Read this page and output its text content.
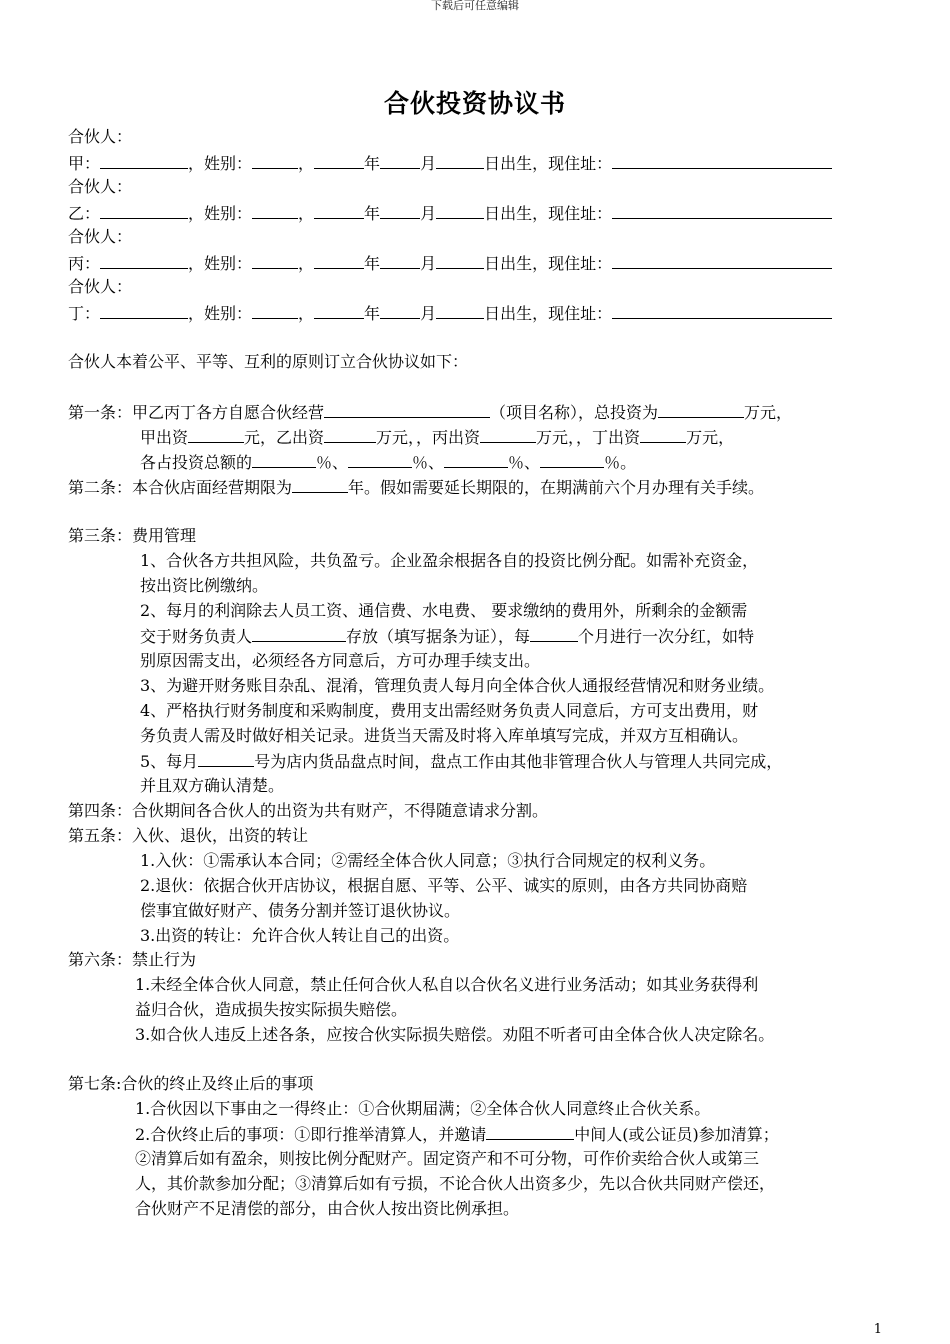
下载后可任意编辑
合伙投资协议书
合伙人：
甲：	，姓别：	，	年	月	日出生，现住址：
合伙人：
乙：	，姓别：	，	年	月	日出生，现住址：
合伙人：
丙：	，姓别：	，	年	月	日出生，现住址：
合伙人：
丁：	，姓别：	，	年	月	日出生，现住址：
合伙人本着公平、平等、互利的原则订立合伙协议如下：
第一条：甲乙丙丁各方自愿合伙经营	（项目名称），总投资为	万元，
甲出资	元，乙出资	万元，，丙出资	万元，，丁出资	万元，
各占投资总额的	％、	％、	％、	％。
第二条：本合伙店面经营期限为	年。假如需要延长期限的，在期满前六个月办理有关手续。
第三条：费用管理
1、合伙各方共担风险，共负盈亏。企业盈余根据各自的投资比例分配。如需补充资金，
按出资比例缴纳。
2、每月的利润除去人员工资、通信费、水电费、 要求缴纳的费用外，所剩余的金额需
交于财务负责人	存放（填写据条为证），每	个月进行一次分红，如特
别原因需支出，必须经各方同意后，方可办理手续支出。
3、为避开财务账目杂乱、混淆，管理负责人每月向全体合伙人通报经营情况和财务业绩。
4、严格执行财务制度和采购制度，费用支出需经财务负责人同意后，方可支出费用，财
务负责人需及时做好相关记录。进货当天需及时将入库单填写完成，并双方互相确认。
5、每月	号为店内货品盘点时间，盘点工作由其他非管理合伙人与管理人共同完成，
并且双方确认清楚。
第四条：合伙期间各合伙人的出资为共有财产，不得随意请求分割。
第五条：入伙、退伙，出资的转让
1.入伙：①需承认本合同；②需经全体合伙人同意；③执行合同规定的权利义务。
2.退伙：依据合伙开店协议，根据自愿、平等、公平、诚实的原则，由各方共同协商赔
偿事宜做好财产、债务分割并签订退伙协议。
3.出资的转让：允许合伙人转让自己的出资。
第六条：禁止行为
1.未经全体合伙人同意，禁止任何合伙人私自以合伙名义进行业务活动；如其业务获得利
益归合伙，造成损失按实际损失赔偿。
3.如合伙人违反上述各条，应按合伙实际损失赔偿。劝阻不听者可由全体合伙人决定除名。
第七条:合伙的终止及终止后的事项
1.合伙因以下事由之一得终止：①合伙期届满；②全体合伙人同意终止合伙关系。
2.合伙终止后的事项：①即行推举清算人，并邀请	中间人(或公证员)参加清算；
②清算后如有盈余，则按比例分配财产。固定资产和不可分物，可作价卖给合伙人或第三
人，其价款参加分配；③清算后如有亏损，不论合伙人出资多少，先以合伙共同财产偿还，
合伙财产不足清偿的部分，由合伙人按出资比例承担。
1
